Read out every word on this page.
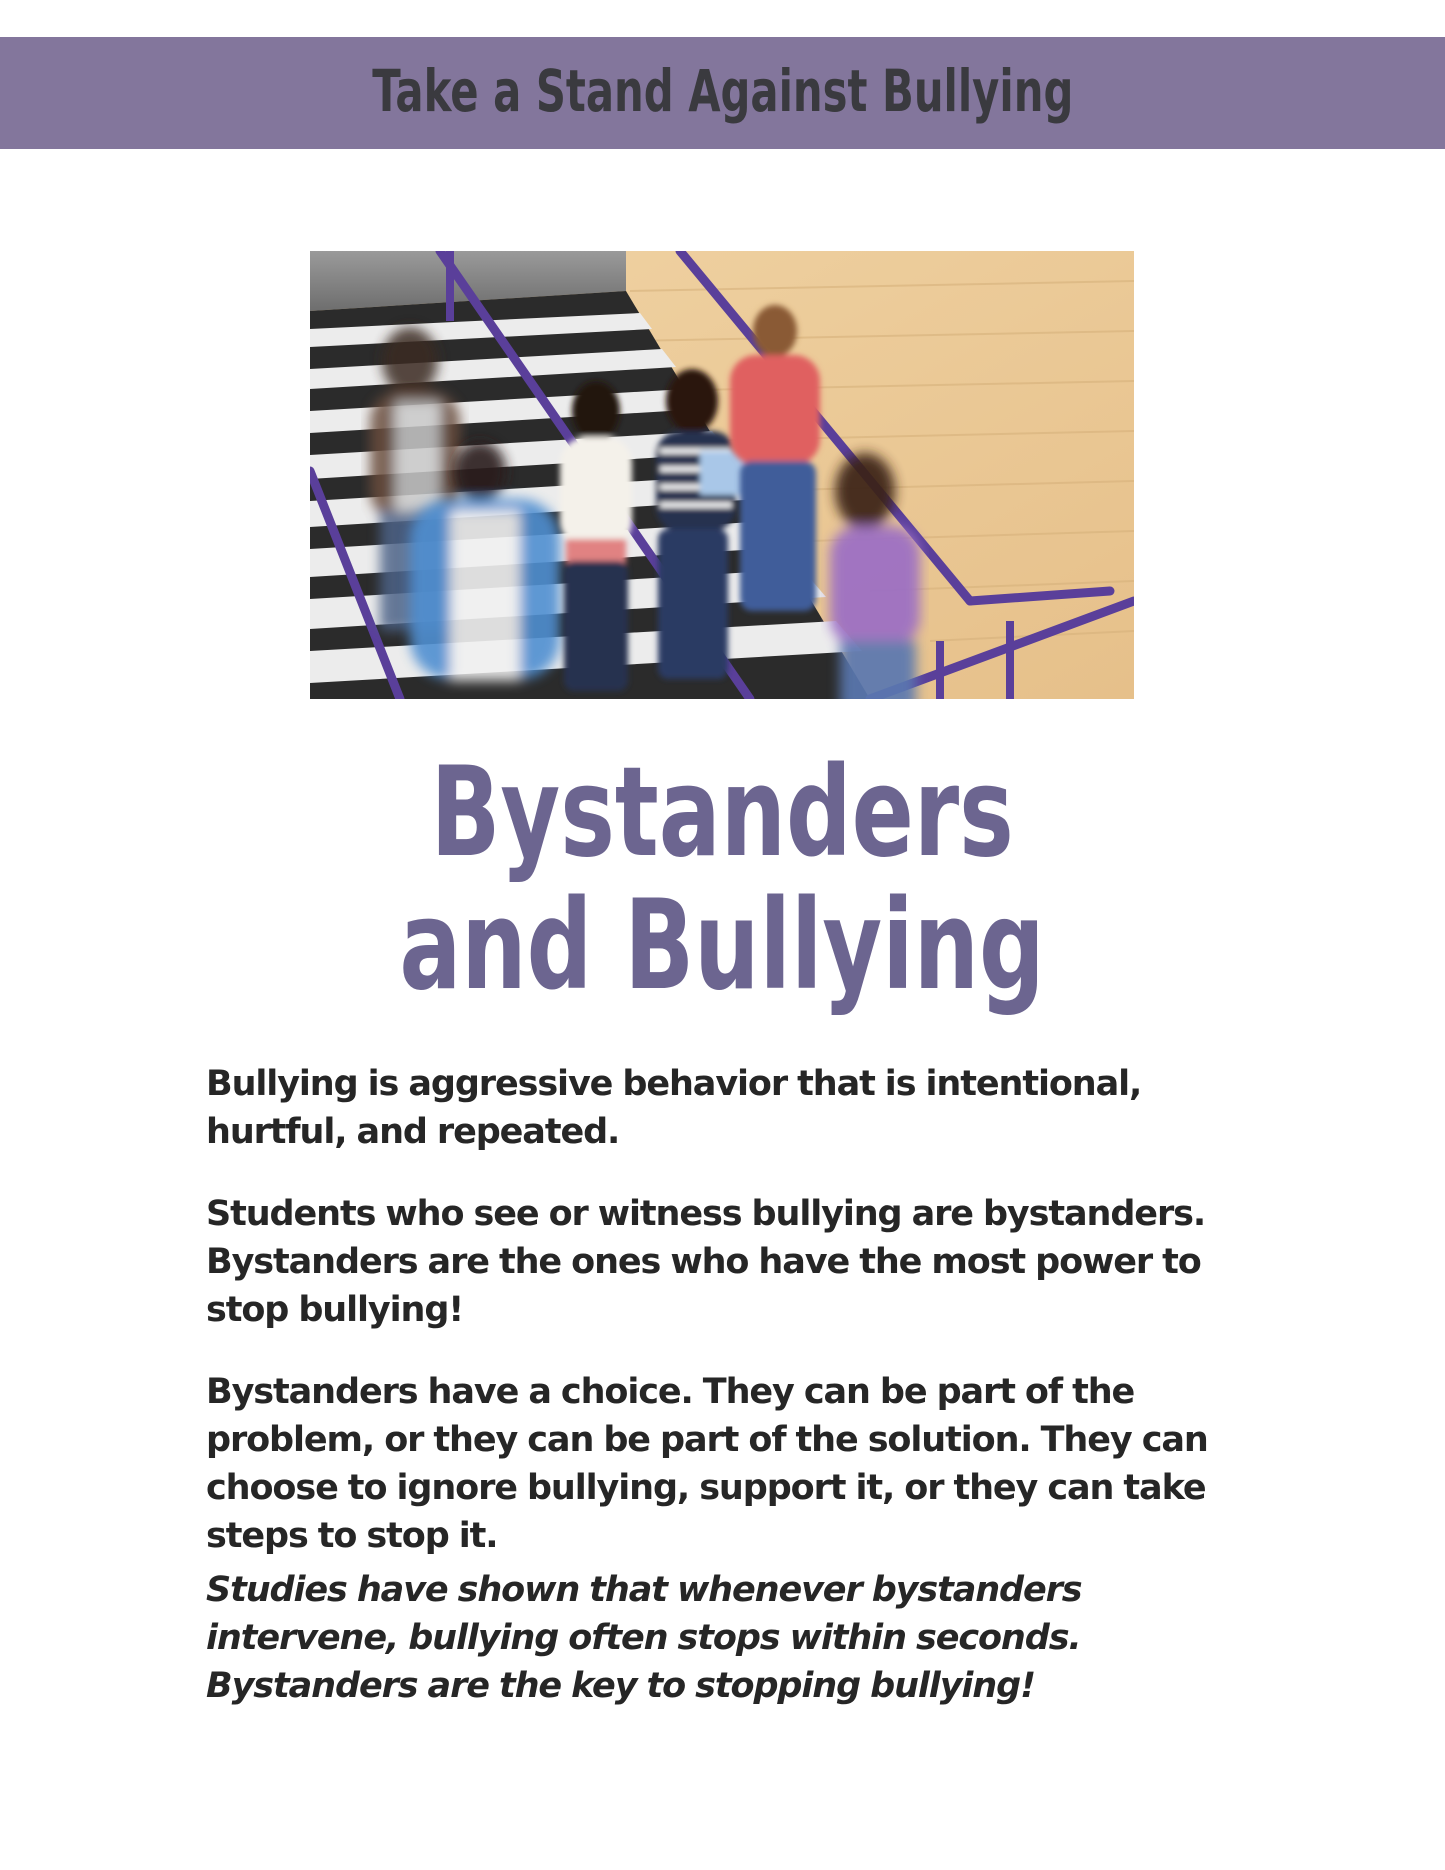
Take a Stand Against Bullying
Bystanders
and Bullying
Bullying is aggressive behavior that is intentional, hurtful, and repeated.
Students who see or witness bullying are bystanders. Bystanders are the ones who have the most power to stop bullying!
Bystanders have a choice. They can be part of the problem, or they can be part of the solution. They can choose to ignore bullying, support it, or they can take steps to stop it.
Studies have shown that whenever bystanders intervene, bullying often stops within seconds. Bystanders are the key to stopping bullying!
